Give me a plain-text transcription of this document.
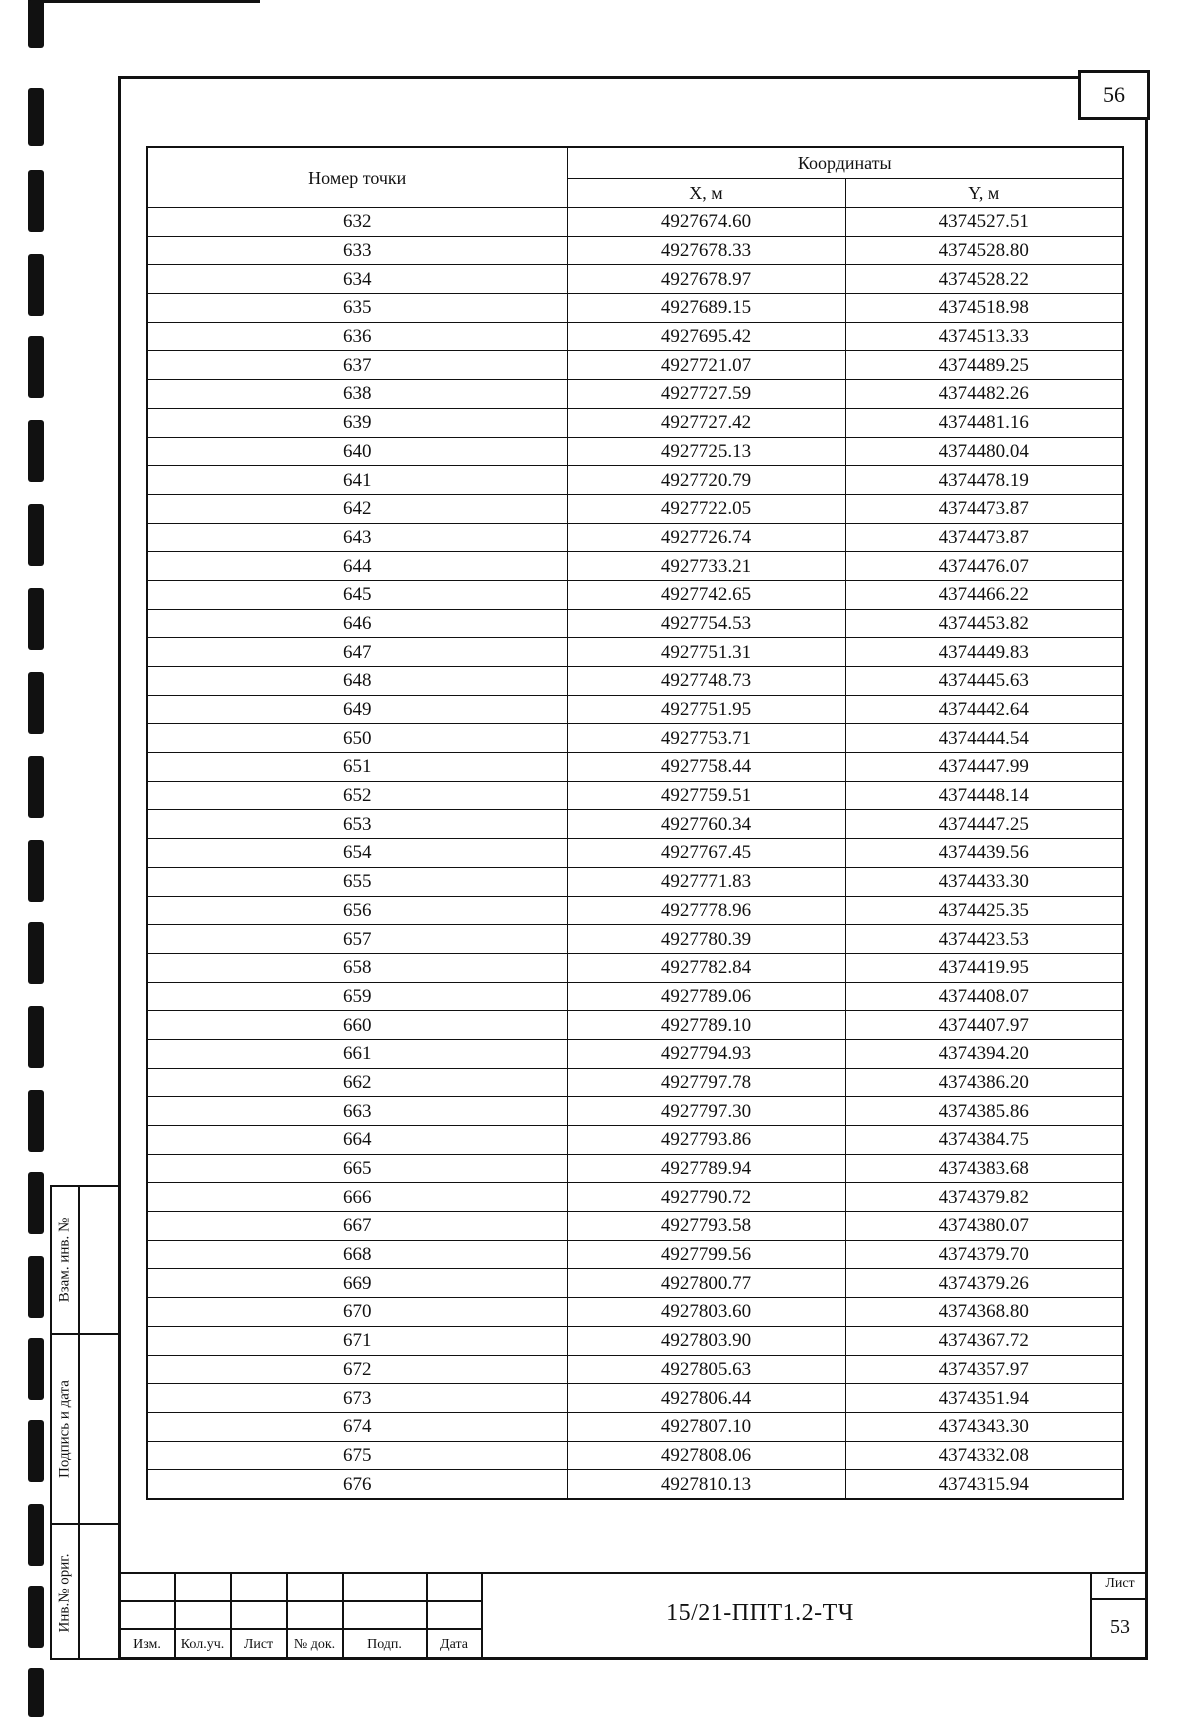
56
Номер точки	Координаты	
	X, м	Y, м
632	4927674.60	4374527.51
633	4927678.33	4374528.80
634	4927678.97	4374528.22
635	4927689.15	4374518.98
636	4927695.42	4374513.33
637	4927721.07	4374489.25
638	4927727.59	4374482.26
639	4927727.42	4374481.16
640	4927725.13	4374480.04
641	4927720.79	4374478.19
642	4927722.05	4374473.87
643	4927726.74	4374473.87
644	4927733.21	4374476.07
645	4927742.65	4374466.22
646	4927754.53	4374453.82
647	4927751.31	4374449.83
648	4927748.73	4374445.63
649	4927751.95	4374442.64
650	4927753.71	4374444.54
651	4927758.44	4374447.99
652	4927759.51	4374448.14
653	4927760.34	4374447.25
654	4927767.45	4374439.56
655	4927771.83	4374433.30
656	4927778.96	4374425.35
657	4927780.39	4374423.53
658	4927782.84	4374419.95
659	4927789.06	4374408.07
660	4927789.10	4374407.97
661	4927794.93	4374394.20
662	4927797.78	4374386.20
663	4927797.30	4374385.86
664	4927793.86	4374384.75
665	4927789.94	4374383.68
666	4927790.72	4374379.82
667	4927793.58	4374380.07
668	4927799.56	4374379.70
669	4927800.77	4374379.26
670	4927803.60	4374368.80
671	4927803.90	4374367.72
672	4927805.63	4374357.97
673	4927806.44	4374351.94
674	4927807.10	4374343.30
675	4927808.06	4374332.08
676	4927810.13	4374315.94
Взам. инв. №
Подпись и дата
Инв.№ ориг.
Изм.	Кол.уч.	Лист	№ док.	Подп.	Дата
15/21-ППТ1.2-ТЧ
Лист
53
